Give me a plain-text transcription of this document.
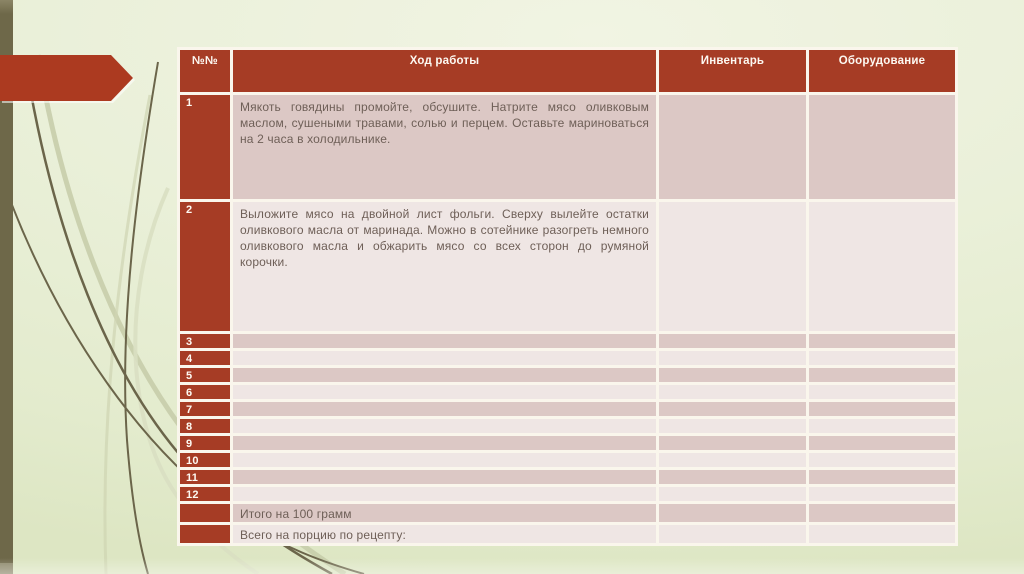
№№	Ход работы	Инвентарь	Оборудование
1	Мякоть говядины промойте, обсушите. Натрите мясо оливковым маслом, сушеными травами, солью и перцем. Оставьте мариноваться на 2 часа в холодильнике.		
2	Выложите мясо на двойной лист фольги. Сверху вылейте остатки оливкового масла от маринада. Можно в сотейнике разогреть немного оливкового масла и обжарить мясо со всех сторон до румяной корочки.		
3			
4			
5			
6			
7			
8			
9			
10			
11			
12			
	Итого на 100 грамм		
	Всего на порцию по рецепту:		
